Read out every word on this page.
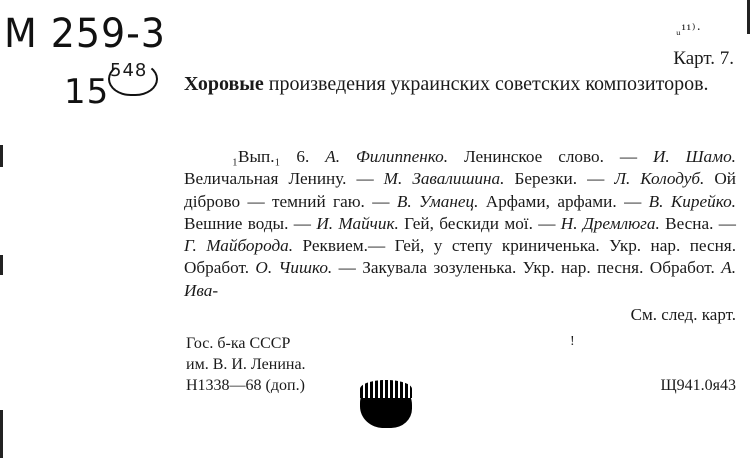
M 259-3
15
548
ᵤ¹¹⁾·
Карт. 7.
Хоровые произведения украинских советских композиторов.
₁Вып.₁ 6. А. Филиппенко. Ленинское слово. — И. Шамо. Величальная Ленину. — М. Завалишина. Березки. — Л. Колодуб. Ой дiброво — темний гаю. — В. Уманец. Арфами, арфами. — В. Кирейко. Вешние воды. — И. Майчик. Гей, бескиди мої. — Н. Дремлюга. Весна. — Г. Майборода. Реквием.— Гей, у степу криниченька. Укр. нар. песня. Обработ. О. Чишко. — Закувала зозуленька. Укр. нар. песня. Обработ. А. Ива-
См. след. карт.
!
Гос. б-ка СССР
им. В. И. Ленина.
Н1338—68 (доп.)	Щ941.0я43
